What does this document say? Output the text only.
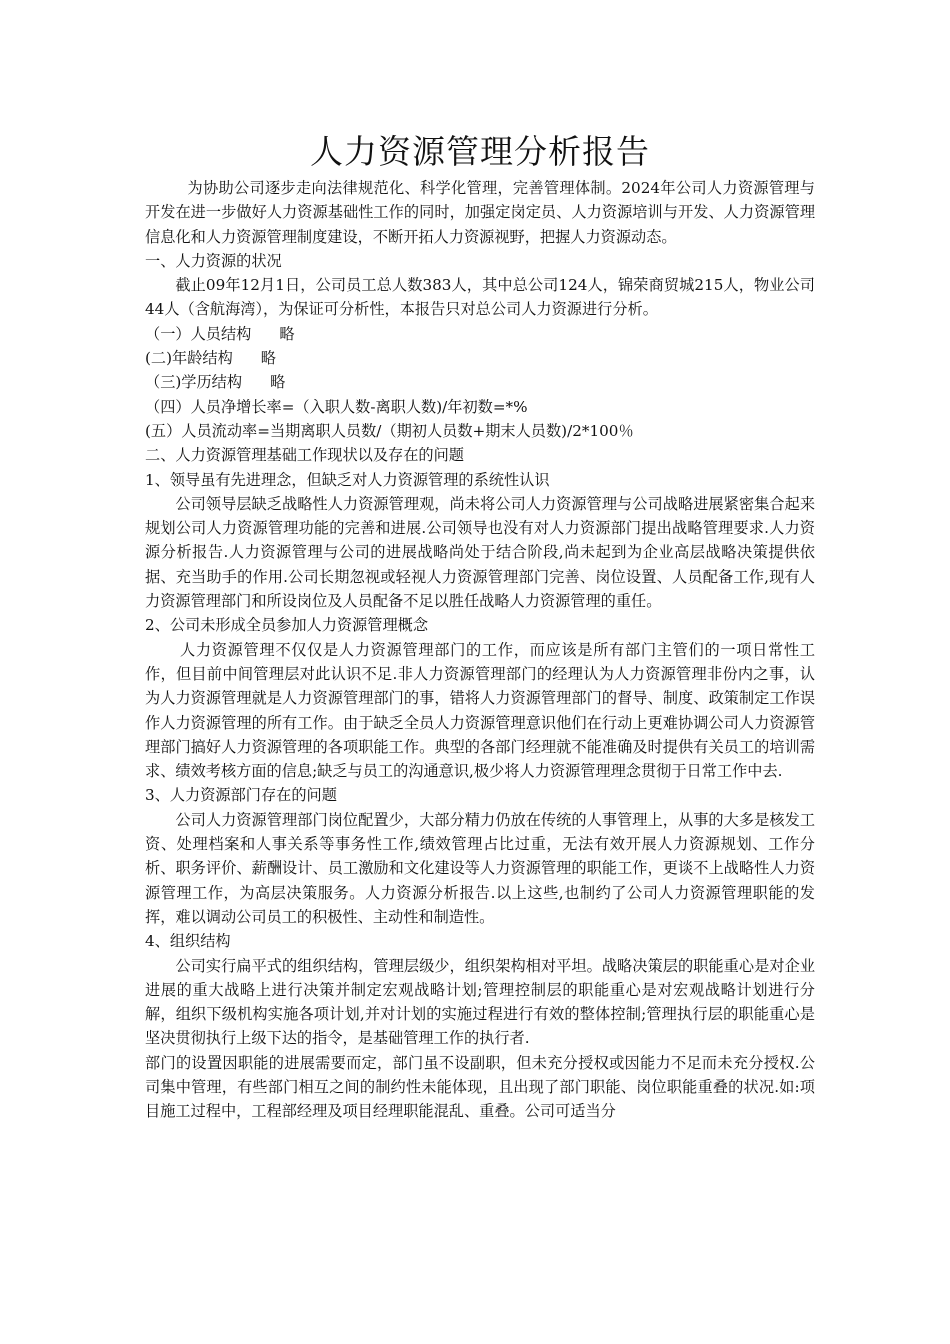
人力资源管理分析报告

为协助公司逐步走向法律规范化、科学化管理，完善管理体制。2024年公司人力资源管理与开发在进一步做好人力资源基础性工作的同时，加强定岗定员、人力资源培训与开发、人力资源管理信息化和人力资源管理制度建设，不断开拓人力资源视野，把握人力资源动态。

一、人力资源的状况

截止09年12月1日，公司员工总人数383人，其中总公司124人，锦荣商贸城215人，物业公司44人（含航海湾），为保证可分析性，本报告只对总公司人力资源进行分析。

（一）人员结构 略

(二)年龄结构 略

（三)学历结构 略

（四）人员净增长率=（入职人数-离职人数)/年初数=*%

(五）人员流动率=当期离职人员数/（期初人员数+期末人员数)/2*100％

二、人力资源管理基础工作现状以及存在的问题

1、领导虽有先进理念，但缺乏对人力资源管理的系统性认识

公司领导层缺乏战略性人力资源管理观，尚未将公司人力资源管理与公司战略进展紧密集合起来规划公司人力资源管理功能的完善和进展.公司领导也没有对人力资源部门提出战略管理要求.人力资源分析报告.人力资源管理与公司的进展战略尚处于结合阶段,尚未起到为企业高层战略决策提供依据、充当助手的作用.公司长期忽视或轻视人力资源管理部门完善、岗位设置、人员配备工作,现有人力资源管理部门和所设岗位及人员配备不足以胜任战略人力资源管理的重任。

2、公司未形成全员参加人力资源管理概念

人力资源管理不仅仅是人力资源管理部门的工作，而应该是所有部门主管们的一项日常性工作，但目前中间管理层对此认识不足.非人力资源管理部门的经理认为人力资源管理非份内之事，认为人力资源管理就是人力资源管理部门的事，错将人力资源管理部门的督导、制度、政策制定工作误作人力资源管理的所有工作。由于缺乏全员人力资源管理意识他们在行动上更难协调公司人力资源管理部门搞好人力资源管理的各项职能工作。典型的各部门经理就不能准确及时提供有关员工的培训需求、绩效考核方面的信息;缺乏与员工的沟通意识,极少将人力资源管理理念贯彻于日常工作中去.

3、人力资源部门存在的问题

公司人力资源管理部门岗位配置少，大部分精力仍放在传统的人事管理上，从事的大多是核发工资、处理档案和人事关系等事务性工作,绩效管理占比过重，无法有效开展人力资源规划、工作分析、职务评价、薪酬设计、员工激励和文化建设等人力资源管理的职能工作，更谈不上战略性人力资源管理工作，为高层决策服务。人力资源分析报告.以上这些,也制约了公司人力资源管理职能的发挥，难以调动公司员工的积极性、主动性和制造性。

4、组织结构

公司实行扁平式的组织结构，管理层级少，组织架构相对平坦。战略决策层的职能重心是对企业进展的重大战略上进行决策并制定宏观战略计划;管理控制层的职能重心是对宏观战略计划进行分解，组织下级机构实施各项计划,并对计划的实施过程进行有效的整体控制;管理执行层的职能重心是坚决贯彻执行上级下达的指令，是基础管理工作的执行者.

部门的设置因职能的进展需要而定，部门虽不设副职，但未充分授权或因能力不足而未充分授权.公司集中管理，有些部门相互之间的制约性未能体现，且出现了部门职能、岗位职能重叠的状况.如:项目施工过程中，工程部经理及项目经理职能混乱、重叠。公司可适当分
